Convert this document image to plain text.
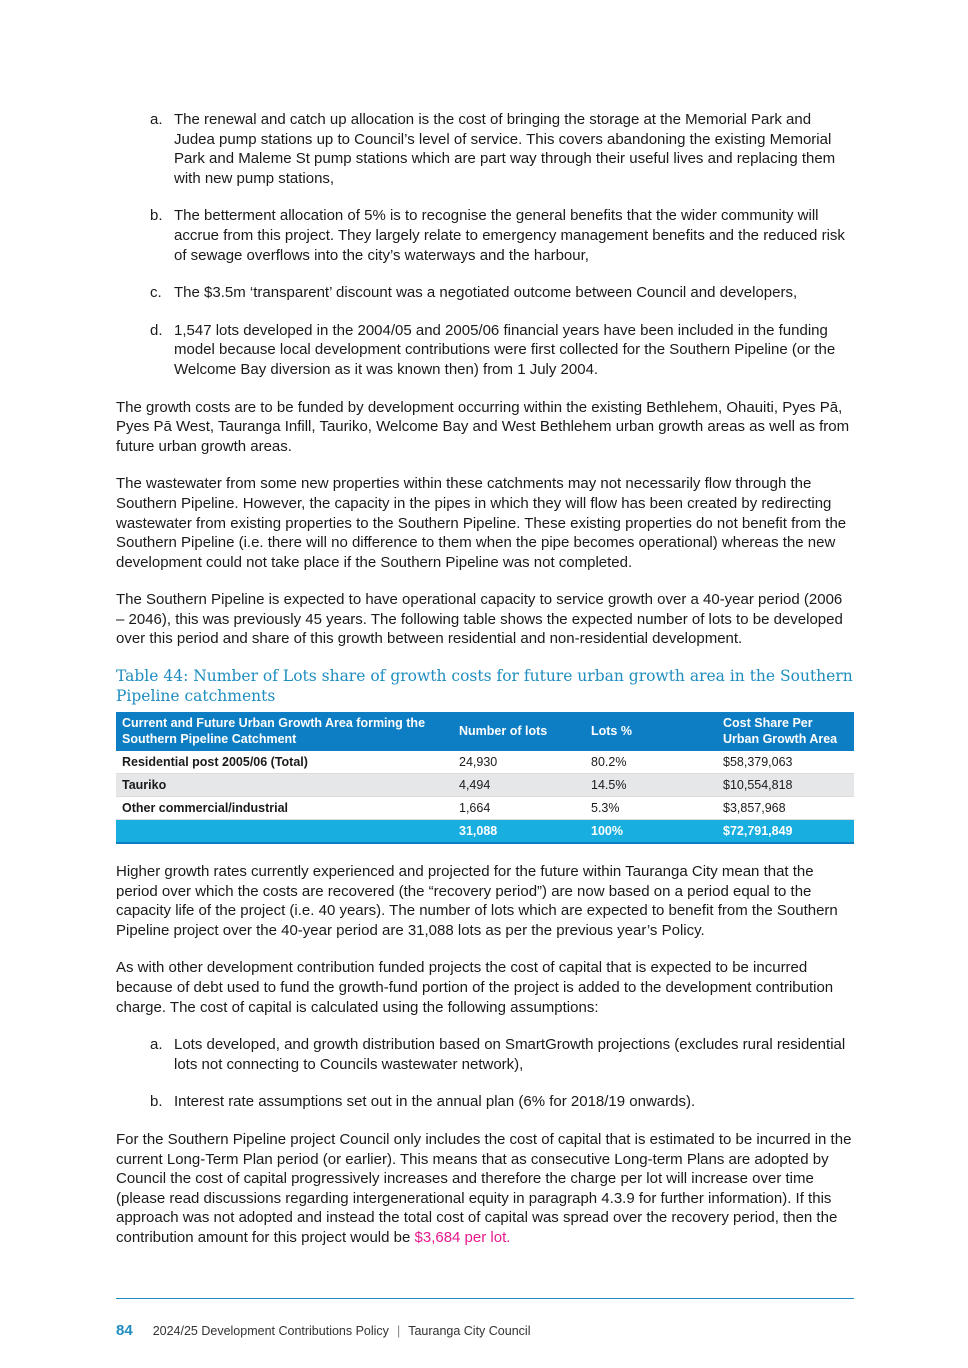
a. The renewal and catch up allocation is the cost of bringing the storage at the Memorial Park and Judea pump stations up to Council’s level of service. This covers abandoning the existing Memorial Park and Maleme St pump stations which are part way through their useful lives and replacing them with new pump stations,
b. The betterment allocation of 5% is to recognise the general benefits that the wider community will accrue from this project. They largely relate to emergency management benefits and the reduced risk of sewage overflows into the city’s waterways and the harbour,
c. The $3.5m ‘transparent’ discount was a negotiated outcome between Council and developers,
d. 1,547 lots developed in the 2004/05 and 2005/06 financial years have been included in the funding model because local development contributions were first collected for the Southern Pipeline (or the Welcome Bay diversion as it was known then) from 1 July 2004.

The growth costs are to be funded by development occurring within the existing Bethlehem, Ohauiti, Pyes Pā, Pyes Pā West, Tauranga Infill, Tauriko, Welcome Bay and West Bethlehem urban growth areas as well as from future urban growth areas.

The wastewater from some new properties within these catchments may not necessarily flow through the Southern Pipeline. However, the capacity in the pipes in which they will flow has been created by redirecting wastewater from existing properties to the Southern Pipeline. These existing properties do not benefit from the Southern Pipeline (i.e. there will no difference to them when the pipe becomes operational) whereas the new development could not take place if the Southern Pipeline was not completed.

The Southern Pipeline is expected to have operational capacity to service growth over a 40-year period (2006 – 2046), this was previously 45 years. The following table shows the expected number of lots to be developed over this period and share of this growth between residential and non-residential development.

Table 44: Number of Lots share of growth costs for future urban growth area in the Southern Pipeline catchments
Current and Future Urban Growth Area forming the Southern Pipeline Catchment	Number of lots	Lots %	Cost Share Per Urban Growth Area
Residential post 2005/06 (Total)	24,930	80.2%	$58,379,063
Tauriko	4,494	14.5%	$10,554,818
Other commercial/industrial	1,664	5.3%	$3,857,968
	31,088	100%	$72,791,849

Higher growth rates currently experienced and projected for the future within Tauranga City mean that the period over which the costs are recovered (the “recovery period”) are now based on a period equal to the capacity life of the project (i.e. 40 years). The number of lots which are expected to benefit from the Southern Pipeline project over the 40-year period are 31,088 lots as per the previous year’s Policy.

As with other development contribution funded projects the cost of capital that is expected to be incurred because of debt used to fund the growth-fund portion of the project is added to the development contribution charge. The cost of capital is calculated using the following assumptions:

a. Lots developed, and growth distribution based on SmartGrowth projections (excludes rural residential lots not connecting to Councils wastewater network),
b. Interest rate assumptions set out in the annual plan (6% for 2018/19 onwards).

For the Southern Pipeline project Council only includes the cost of capital that is estimated to be incurred in the current Long-Term Plan period (or earlier). This means that as consecutive Long-term Plans are adopted by Council the cost of capital progressively increases and therefore the charge per lot will increase over time (please read discussions regarding intergenerational equity in paragraph 4.3.9 for further information). If this approach was not adopted and instead the total cost of capital was spread over the recovery period, then the contribution amount for this project would be $3,684 per lot.

84 2024/25 Development Contributions Policy | Tauranga City Council
